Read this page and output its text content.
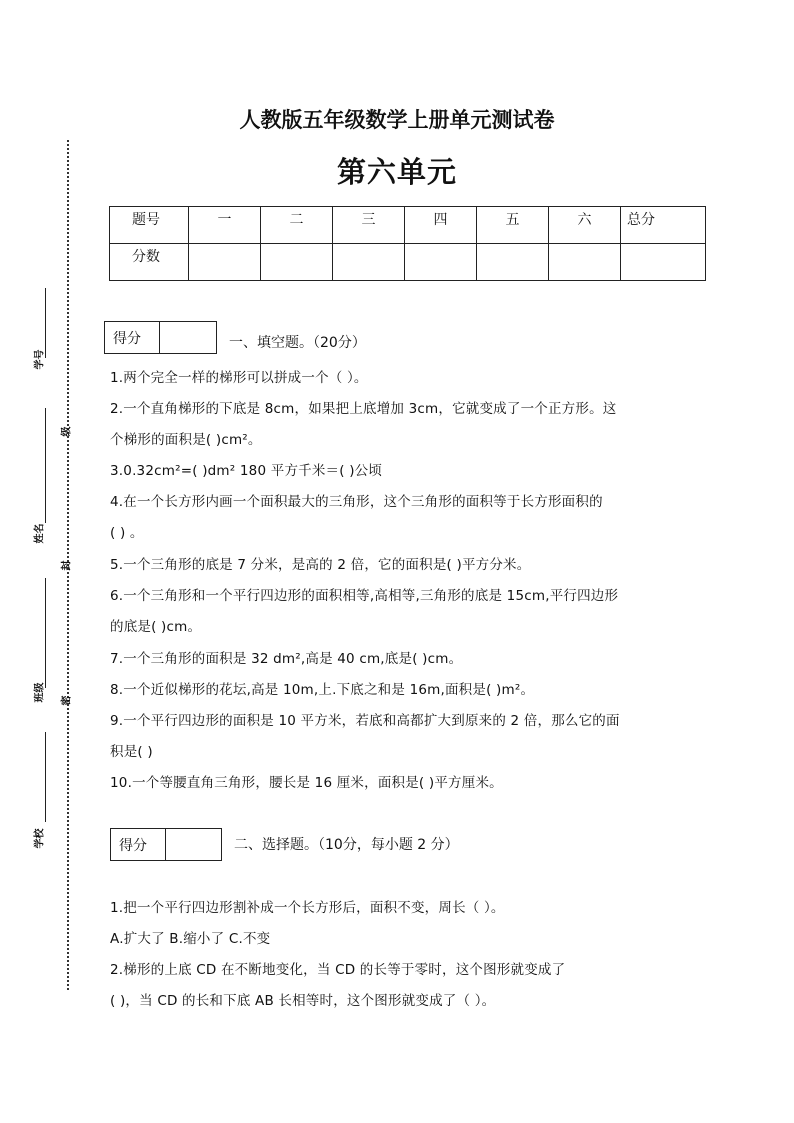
学号
姓名
班级
学校
级
封
密
人教版五年级数学上册单元测试卷
第六单元
题号	一	二	三	四	五	六	总分

分数							

得分	一、填空题。（20分）
1.两个完全一样的梯形可以拼成一个（ ）。
2.一个直角梯形的下底是 8cm，如果把上底增加 3cm，它就变成了一个正方形。这
个梯形的面积是( )cm²。
3.0.32cm²=( )dm² 180 平方千米＝( )公顷
4.在一个长方形内画一个面积最大的三角形，这个三角形的面积等于长方形面积的
( ) 。
5.一个三角形的底是 7 分米，是高的 2 倍，它的面积是( )平方分米。
6.一个三角形和一个平行四边形的面积相等,高相等,三角形的底是 15cm,平行四边形
的底是( )cm。
7.一个三角形的面积是 32 dm²,高是 40 cm,底是( )cm。
8.一个近似梯形的花坛,高是 10m,上.下底之和是 16m,面积是( )m²。
9.一个平行四边形的面积是 10 平方米，若底和高都扩大到原来的 2 倍，那么它的面
积是( )
10.一个等腰直角三角形，腰长是 16 厘米，面积是( )平方厘米。
得分	二、选择题。（10分，每小题 2 分）
1.把一个平行四边形割补成一个长方形后，面积不变，周长（ ）。
A.扩大了 B.缩小了 C.不变
2.梯形的上底 CD 在不断地变化，当 CD 的长等于零时，这个图形就变成了
( )，当 CD 的长和下底 AB 长相等时，这个图形就变成了（ ）。
